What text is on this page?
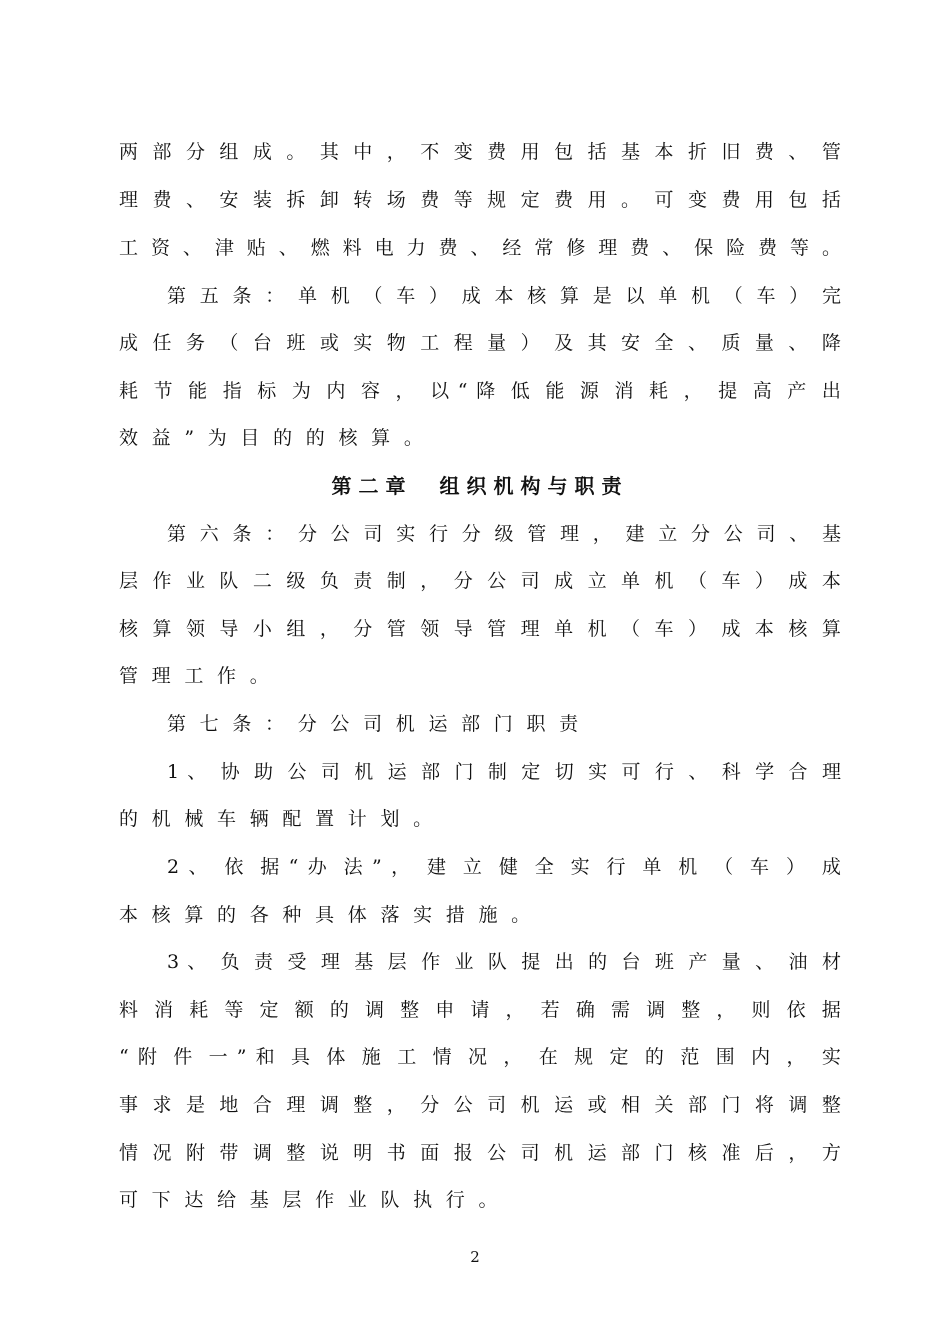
两 部 分 组 成 。 其 中 ， 不 变 费 用 包 括 基 本 折 旧 费 、 管
理 费 、 安 装 拆 卸 转 场 费 等 规 定 费 用 。 可 变 费 用 包 括
工 资 、 津 贴 、 燃 料 电 力 费 、 经 常 修 理 费 、 保 险 费 等 。
第 五 条 ： 单 机 （ 车 ） 成 本 核 算 是 以 单 机 （ 车 ） 完
成 任 务 （ 台 班 或 实 物 工 程 量 ） 及 其 安 全 、 质 量 、 降
耗 节 能 指 标 为 内 容 ， 以 “ 降 低 能 源 消 耗 ， 提 高 产 出
效益”为目的的核算。
第二章　组织机构与职责
第 六 条 ： 分 公 司 实 行 分 级 管 理 ， 建 立 分 公 司 、 基
层 作 业 队 二 级 负 责 制 ， 分 公 司 成 立 单 机 （ 车 ） 成 本
核 算 领 导 小 组 ， 分 管 领 导 管 理 单 机 （ 车 ） 成 本 核 算
管理工作。
第七条：分公司机运部门职责
1 、 协 助 公 司 机 运 部 门 制 定 切 实 可 行 、 科 学 合 理
的机械车辆配置计划。
2 、 依 据 “ 办 法 ” ， 建 立 健 全 实 行 单 机 （ 车 ） 成
本核算的各种具体落实措施。
3 、 负 责 受 理 基 层 作 业 队 提 出 的 台 班 产 量 、 油 材
料 消 耗 等 定 额 的 调 整 申 请 ， 若 确 需 调 整 ， 则 依 据
“ 附 件 一 ” 和 具 体 施 工 情 况 ， 在 规 定 的 范 围 内 ， 实
事 求 是 地 合 理 调 整 ， 分 公 司 机 运 或 相 关 部 门 将 调 整
情 况 附 带 调 整 说 明 书 面 报 公 司 机 运 部 门 核 准 后 ， 方
可下达给基层作业队执行。
2
